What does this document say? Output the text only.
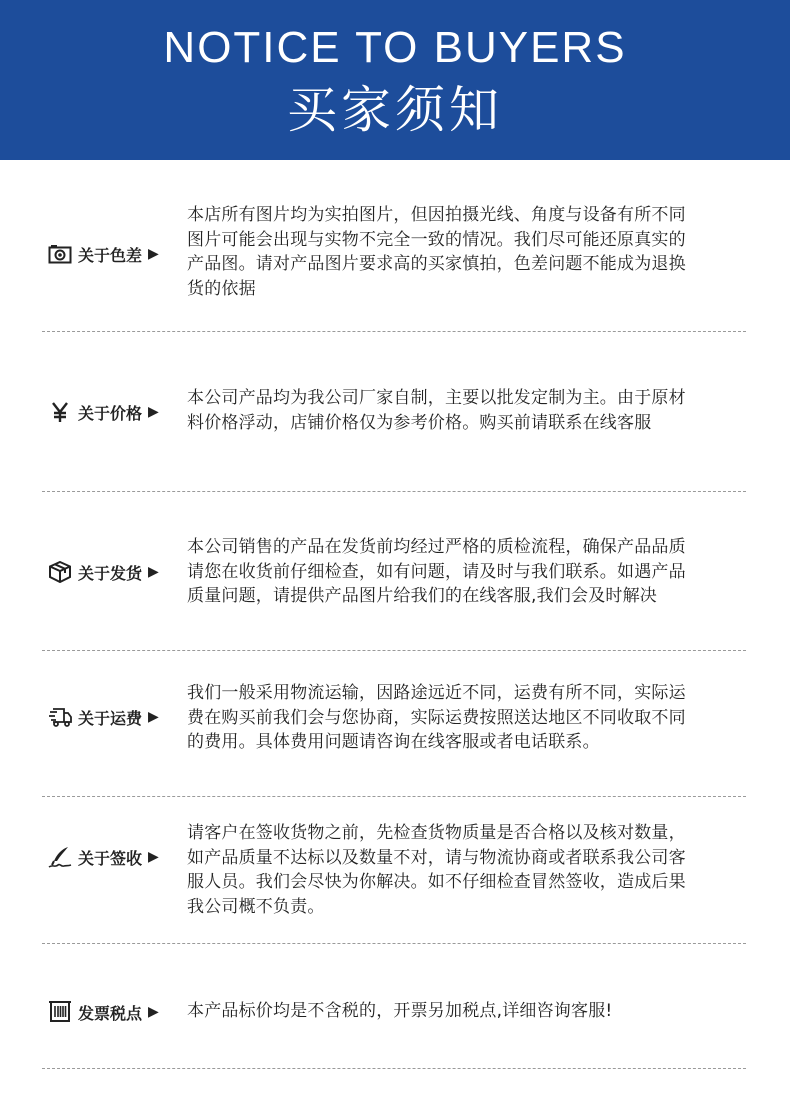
NOTICE TO BUYERS
买家须知
关于色差 ▶
本店所有图片均为实拍图片，但因拍摄光线、角度与设备有所不同
图片可能会出现与实物不完全一致的情况。我们尽可能还原真实的
产品图。请对产品图片要求高的买家慎拍，色差问题不能成为退换
货的依据
关于价格 ▶
本公司产品均为我公司厂家自制，主要以批发定制为主。由于原材
料价格浮动，店铺价格仅为参考价格。购买前请联系在线客服
关于发货 ▶
本公司销售的产品在发货前均经过严格的质检流程，确保产品品质
请您在收货前仔细检查，如有问题，请及时与我们联系。如遇产品
质量问题，请提供产品图片给我们的在线客服,我们会及时解决
关于运费 ▶
我们一般采用物流运输，因路途远近不同，运费有所不同，实际运
费在购买前我们会与您协商，实际运费按照送达地区不同收取不同
的费用。具体费用问题请咨询在线客服或者电话联系。
关于签收 ▶
请客户在签收货物之前，先检查货物质量是否合格以及核对数量，
如产品质量不达标以及数量不对，请与物流协商或者联系我公司客
服人员。我们会尽快为你解决。如不仔细检查冒然签收，造成后果
我公司概不负责。
发票税点 ▶ 本产品标价均是不含税的，开票另加税点,详细咨询客服!
